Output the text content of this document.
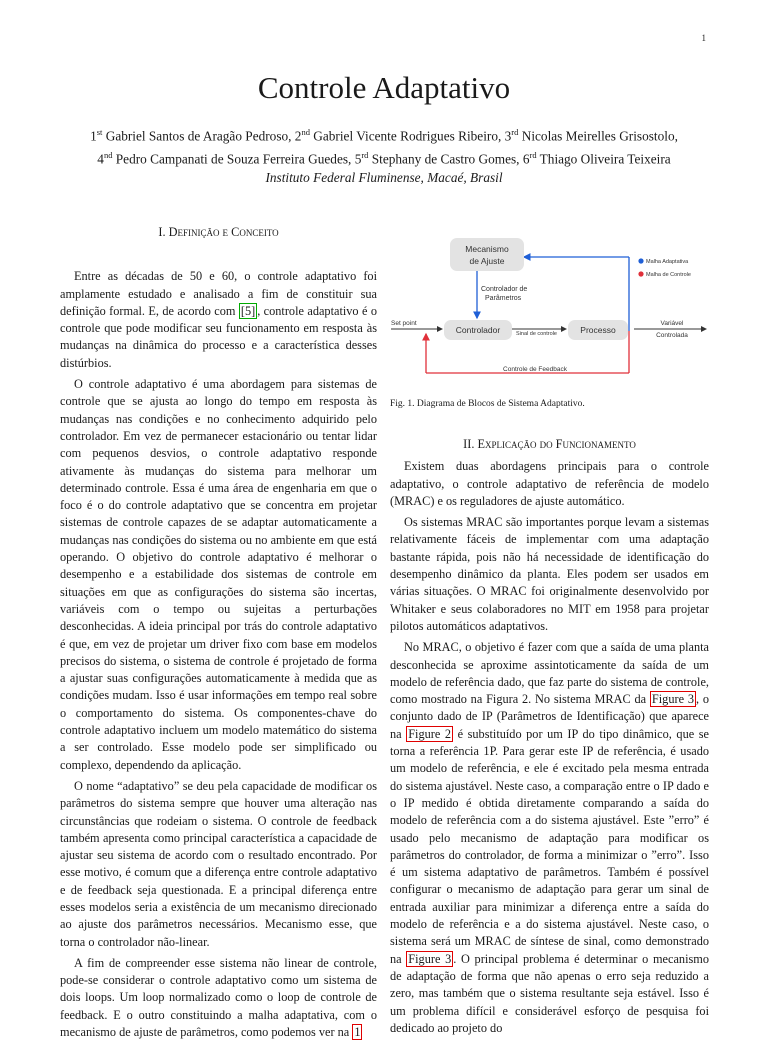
1
Controle Adaptativo
1st Gabriel Santos de Aragão Pedroso, 2nd Gabriel Vicente Rodrigues Ribeiro, 3rd Nicolas Meirelles Grisostolo,
4nd Pedro Campanati de Souza Ferreira Guedes, 5rd Stephany de Castro Gomes, 6rd Thiago Oliveira Teixeira
Instituto Federal Fluminense, Macaé, Brasil
I. Definição e Conceito

Entre as décadas de 50 e 60, o controle adaptativo foi amplamente estudado e analisado a fim de constituir sua definição formal. E, de acordo com [5] , controle adaptativo é o controle que pode modificar seu funcionamento em resposta às mudanças na dinâmica do processo e a característica desses distúrbios.

O controle adaptativo é uma abordagem para sistemas de controle que se ajusta ao longo do tempo em resposta às mudanças nas condições e no conhecimento adquirido pelo controlador. Em vez de permanecer estacionário ou tentar lidar com pequenos desvios, o controle adaptativo responde ativamente às mudanças do sistema para melhorar um determinado controle. Essa é uma área de engenharia em que o foco é o do controle adaptativo que se concentra em projetar sistemas de controle capazes de se adaptar automaticamente a mudanças nas condições do sistema ou no ambiente em que está operando. O objetivo do controle adaptativo é melhorar o desempenho e a estabilidade dos sistemas de controle em situações em que as configurações do sistema são incertas, variáveis com o tempo ou sujeitas a perturbações desconhecidas. A ideia principal por trás do controle adaptativo é que, em vez de projetar um driver fixo com base em modelos precisos do sistema, o sistema de controle é projetado de forma a ajustar suas configurações automaticamente à medida que as condições mudam. Isso é usar informações em tempo real sobre o comportamento do sistema. Os componentes-chave do controle adaptativo incluem um modelo matemático do sistema a ser controlado. Esse modelo pode ser simplificado ou complexo, dependendo da aplicação.

O nome “adaptativo” se deu pela capacidade de modificar os parâmetros do sistema sempre que houver uma alteração nas circunstâncias que rodeiam o sistema. O controle de feedback também apresenta como principal característica a capacidade de ajustar seu sistema de acordo com o resultado encontrado. Por esse motivo, é comum que a diferença entre controle adaptativo e de feedback seja questionada. E a principal diferença entre esses modelos seria a existência de um mecanismo direcionado ao ajuste dos parâmetros necessários. Mecanismo esse, que torna o controlador não-linear.

A fim de compreender esse sistema não linear de controle, pode-se considerar o controle adaptativo como um sistema de dois loops. Um loop normalizado como o loop de controle de feedback. E o outro constituindo a malha adaptativa, com o mecanismo de ajuste de parâmetros, como podemos ver na 1

Mecanismo
de Ajuste
Controlador	Processo
Controlador de
Parâmetros
Set point
Sinal de controle
Variável
Controlada
Controle de Feedback
Malha Adaptativa
Malha de Controle
Fig. 1. Diagrama de Blocos de Sistema Adaptativo.
II. Explicação do Funcionamento

Existem duas abordagens principais para o controle adaptativo, o controle adaptativo de referência de modelo (MRAC) e os reguladores de ajuste automático.

Os sistemas MRAC são importantes porque levam a sistemas relativamente fáceis de implementar com uma adaptação bastante rápida, pois não há necessidade de identificação do desempenho dinâmico da planta. Eles podem ser usados em várias situações. O MRAC foi originalmente desenvolvido por Whitaker e seus colaboradores no MIT em 1958 para projetar pilotos automáticos adaptativos.

No MRAC, o objetivo é fazer com que a saída de uma planta desconhecida se aproxime assintoticamente da saída de um modelo de referência dado, que faz parte do sistema de controle, como mostrado na Figura 2. No sistema MRAC da Figure 3 , o conjunto dado de IP (Parâmetros de Identificação) que aparece na Figure 2 é substituído por um IP do tipo dinâmico, que se torna a referência 1P. Para gerar este IP de referência, é usado um modelo de referência, e ele é excitado pela mesma entrada do sistema ajustável. Neste caso, a comparação entre o IP dado e o IP medido é obtida diretamente comparando a saída do modelo de referência com a do sistema ajustável. Este ”erro” é usado pelo mecanismo de adaptação para modificar os parâmetros do controlador, de forma a minimizar o ”erro”. Isso é um sistema adaptativo de parâmetros. Também é possível configurar o mecanismo de adaptação para gerar um sinal de entrada auxiliar para minimizar a diferença entre a saída do modelo de referência e a do sistema ajustável. Neste caso, o sistema será um MRAC de síntese de sinal, como demonstrado na Figure 3 . O principal problema é determinar o mecanismo de adaptação de forma que não apenas o erro seja reduzido a zero, mas também que o sistema resultante seja estável. Isso é um problema difícil e considerável esforço de pesquisa foi dedicado ao projeto do
